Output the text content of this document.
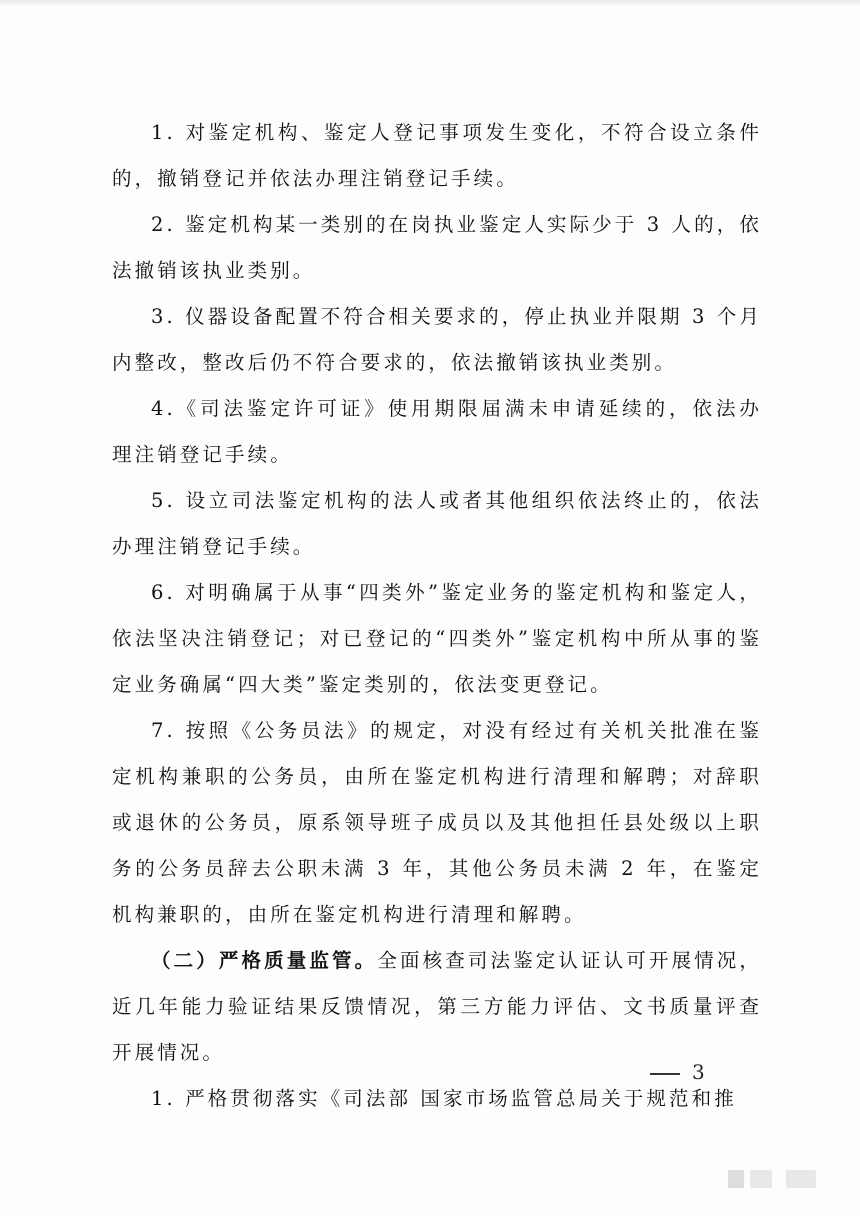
1. 对鉴定机构、鉴定人登记事项发生变化，不符合设立条件的，撤销登记并依法办理注销登记手续。

2. 鉴定机构某一类别的在岗执业鉴定人实际少于 3 人的，依法撤销该执业类别。

3. 仪器设备配置不符合相关要求的，停止执业并限期 3 个月内整改，整改后仍不符合要求的，依法撤销该执业类别。

4.《司法鉴定许可证》使用期限届满未申请延续的，依法办理注销登记手续。

5. 设立司法鉴定机构的法人或者其他组织依法终止的，依法办理注销登记手续。

6. 对明确属于从事“四类外”鉴定业务的鉴定机构和鉴定人，依法坚决注销登记；对已登记的“四类外”鉴定机构中所从事的鉴定业务确属“四大类”鉴定类别的，依法变更登记。

7. 按照《公务员法》的规定，对没有经过有关机关批准在鉴定机构兼职的公务员，由所在鉴定机构进行清理和解聘；对辞职或退休的公务员，原系领导班子成员以及其他担任县处级以上职务的公务员辞去公职未满 3 年，其他公务员未满 2 年，在鉴定机构兼职的，由所在鉴定机构进行清理和解聘。

（二）严格质量监管。全面核查司法鉴定认证认可开展情况，近几年能力验证结果反馈情况，第三方能力评估、文书质量评查开展情况。

1. 严格贯彻落实《司法部 国家市场监管总局关于规范和推

3
